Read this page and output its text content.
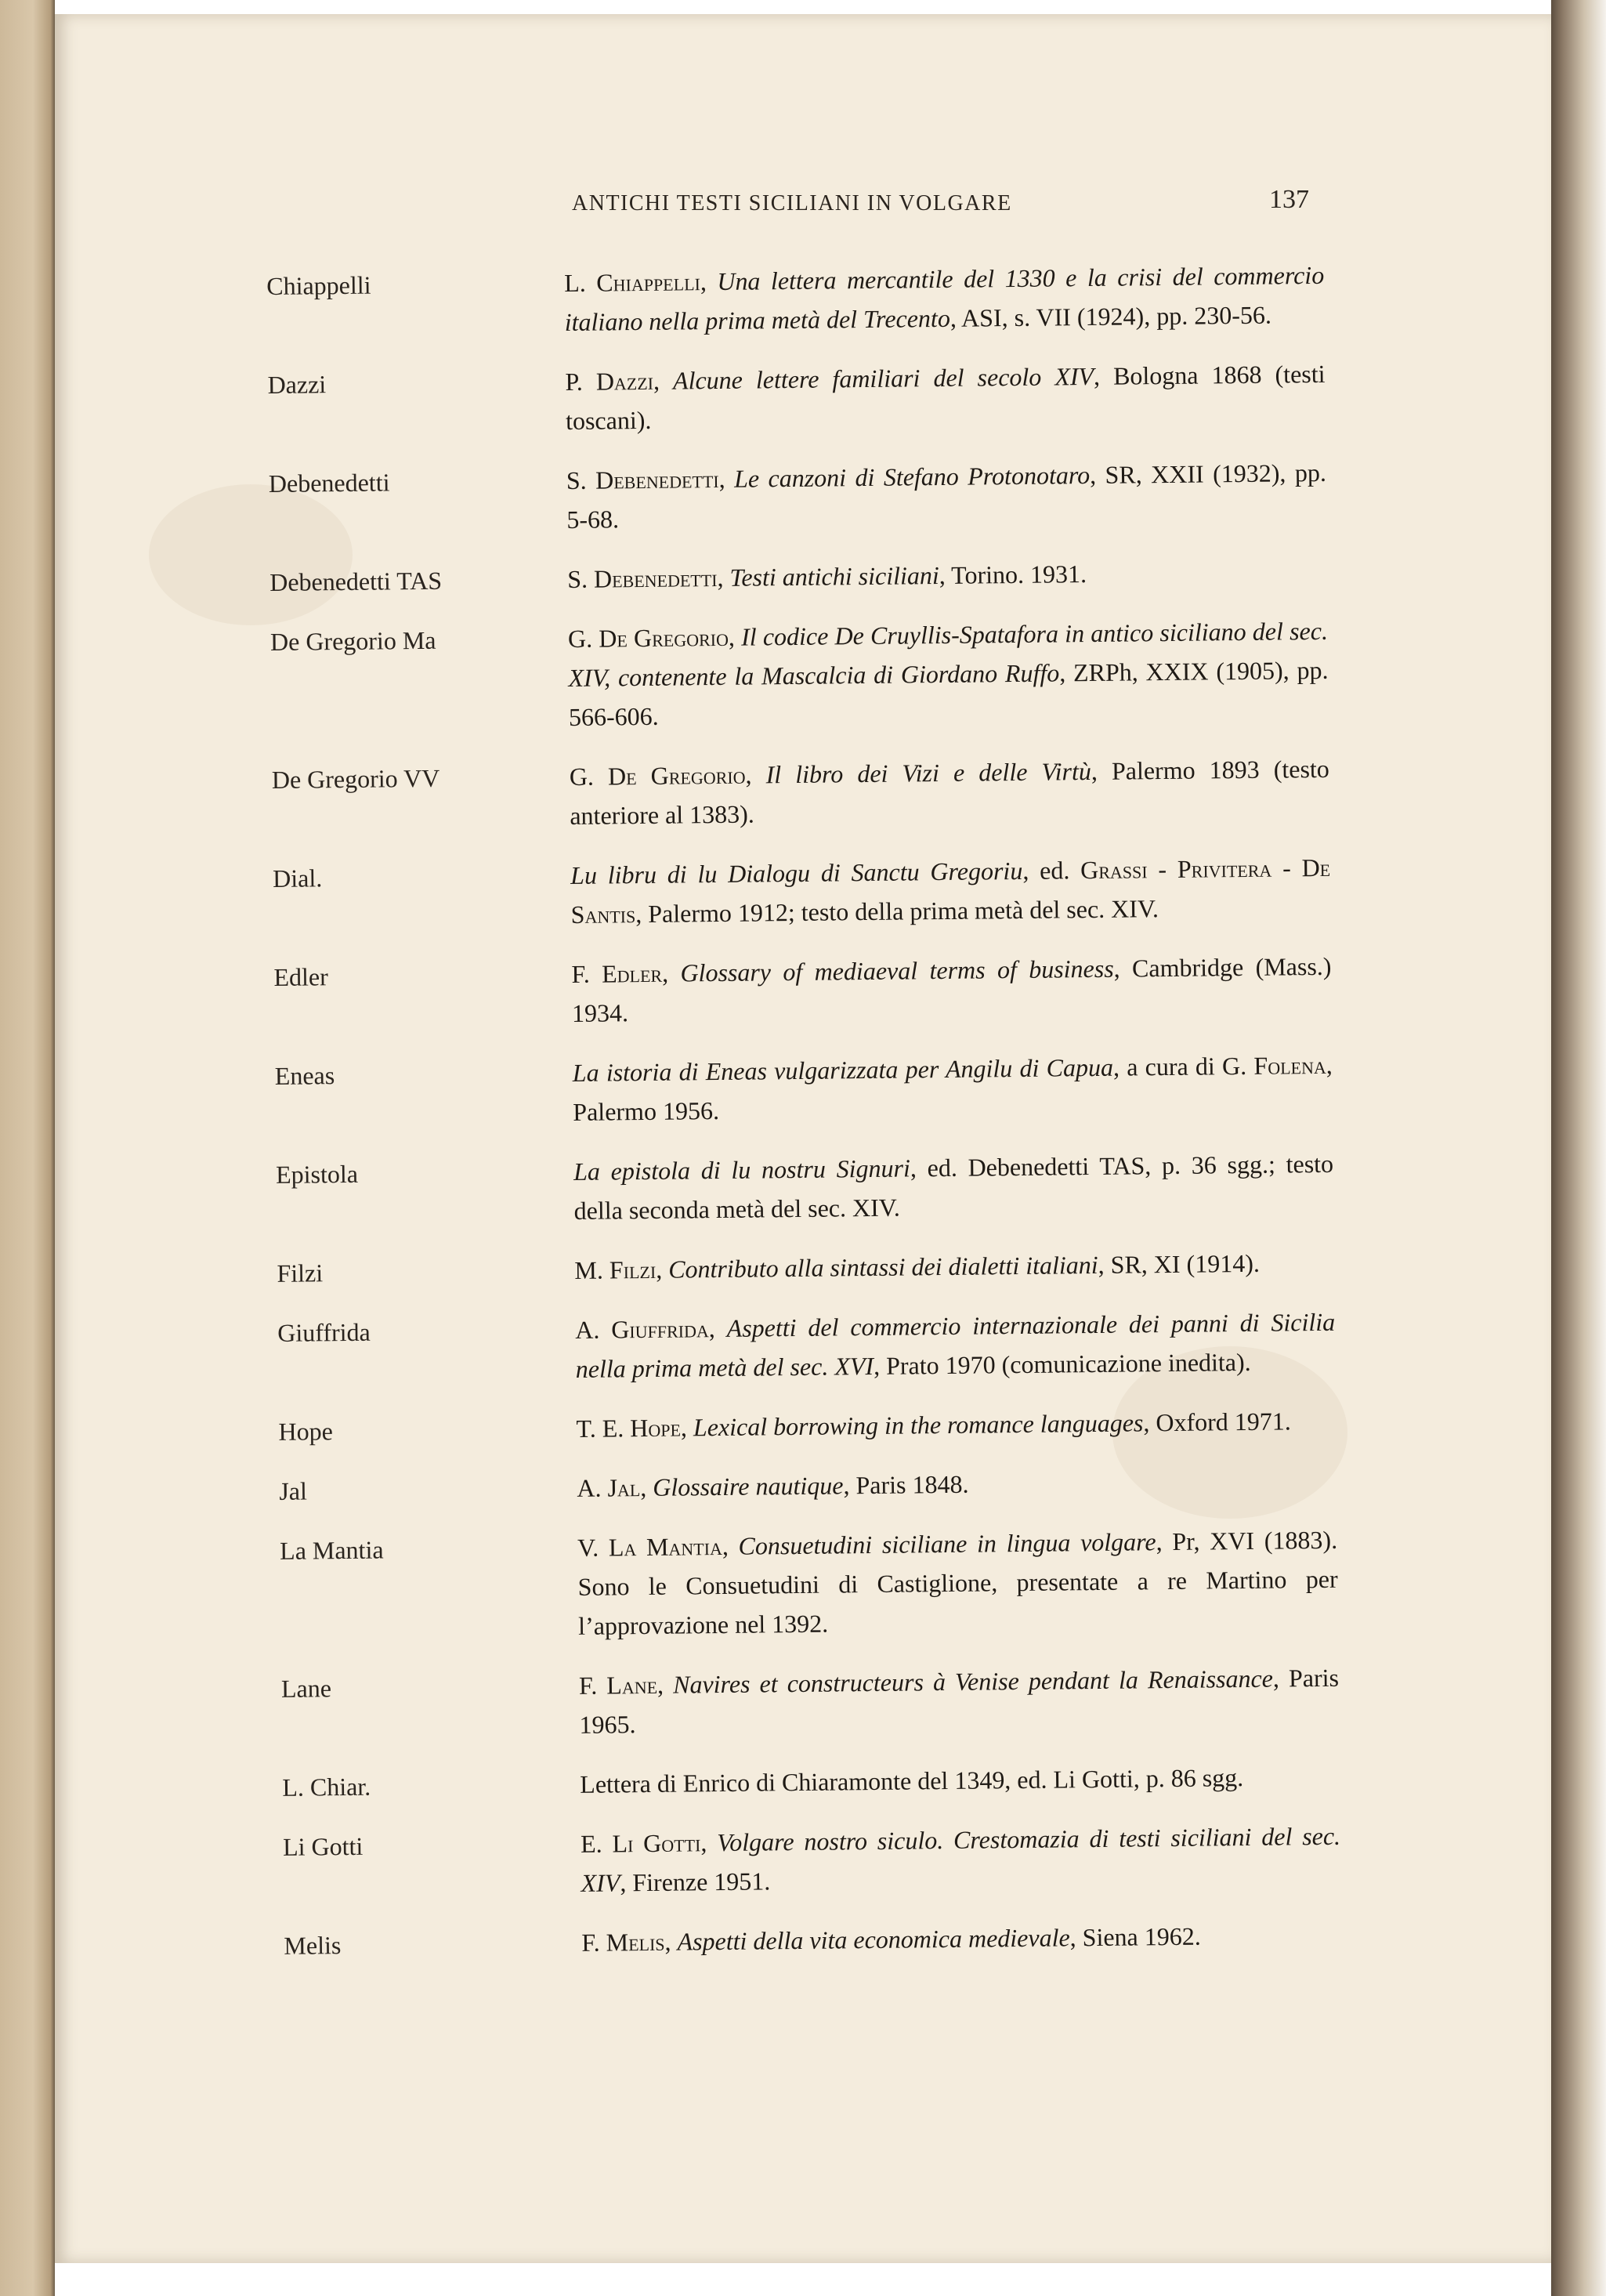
ANTICHI TESTI SICILIANI IN VOLGARE	137
Chiappelli	L. Chiappelli, Una lettera mercantile del 1330 e la crisi del commercio italiano nella prima metà del Trecento, ASI, s. VII (1924), pp. 230-56.
Dazzi	P. Dazzi, Alcune lettere familiari del secolo XIV, Bologna 1868 (testi toscani).
Debenedetti	S. Debenedetti, Le canzoni di Stefano Protonotaro, SR, XXII (1932), pp. 5-68.
Debenedetti TAS	S. Debenedetti, Testi antichi siciliani, Torino. 1931.
De Gregorio Ma	G. De Gregorio, Il codice De Cruyllis-Spatafora in antico siciliano del sec. XIV, contenente la Mascalcia di Giordano Ruffo, ZRPh, XXIX (1905), pp. 566-606.
De Gregorio VV	G. De Gregorio, Il libro dei Vizi e delle Virtù, Palermo 1893 (testo anteriore al 1383).
Dial.	Lu libru di lu Dialogu di Sanctu Gregoriu, ed. Grassi - Privitera - De Santis, Palermo 1912; testo della prima metà del sec. XIV.
Edler	F. Edler, Glossary of mediaeval terms of business, Cambridge (Mass.) 1934.
Eneas	La istoria di Eneas vulgarizzata per Angilu di Capua, a cura di G. Folena, Palermo 1956.
Epistola	La epistola di lu nostru Signuri, ed. Debenedetti TAS, p. 36 sgg.; testo della seconda metà del sec. XIV.
Filzi	M. Filzi, Contributo alla sintassi dei dialetti italiani, SR, XI (1914).
Giuffrida	A. Giuffrida, Aspetti del commercio internazionale dei panni di Sicilia nella prima metà del sec. XVI, Prato 1970 (comunicazione inedita).
Hope	T. E. Hope, Lexical borrowing in the romance languages, Oxford 1971.
Jal	A. Jal, Glossaire nautique, Paris 1848.
La Mantia	V. La Mantia, Consuetudini siciliane in lingua volgare, Pr, XVI (1883). Sono le Consuetudini di Castiglione, presentate a re Martino per l’approvazione nel 1392.
Lane	F. Lane, Navires et constructeurs à Venise pendant la Renaissance, Paris 1965.
L. Chiar.	Lettera di Enrico di Chiaramonte del 1349, ed. Li Gotti, p. 86 sgg.
Li Gotti	E. Li Gotti, Volgare nostro siculo. Crestomazia di testi siciliani del sec. XIV, Firenze 1951.
Melis	F. Melis, Aspetti della vita economica medievale, Siena 1962.
